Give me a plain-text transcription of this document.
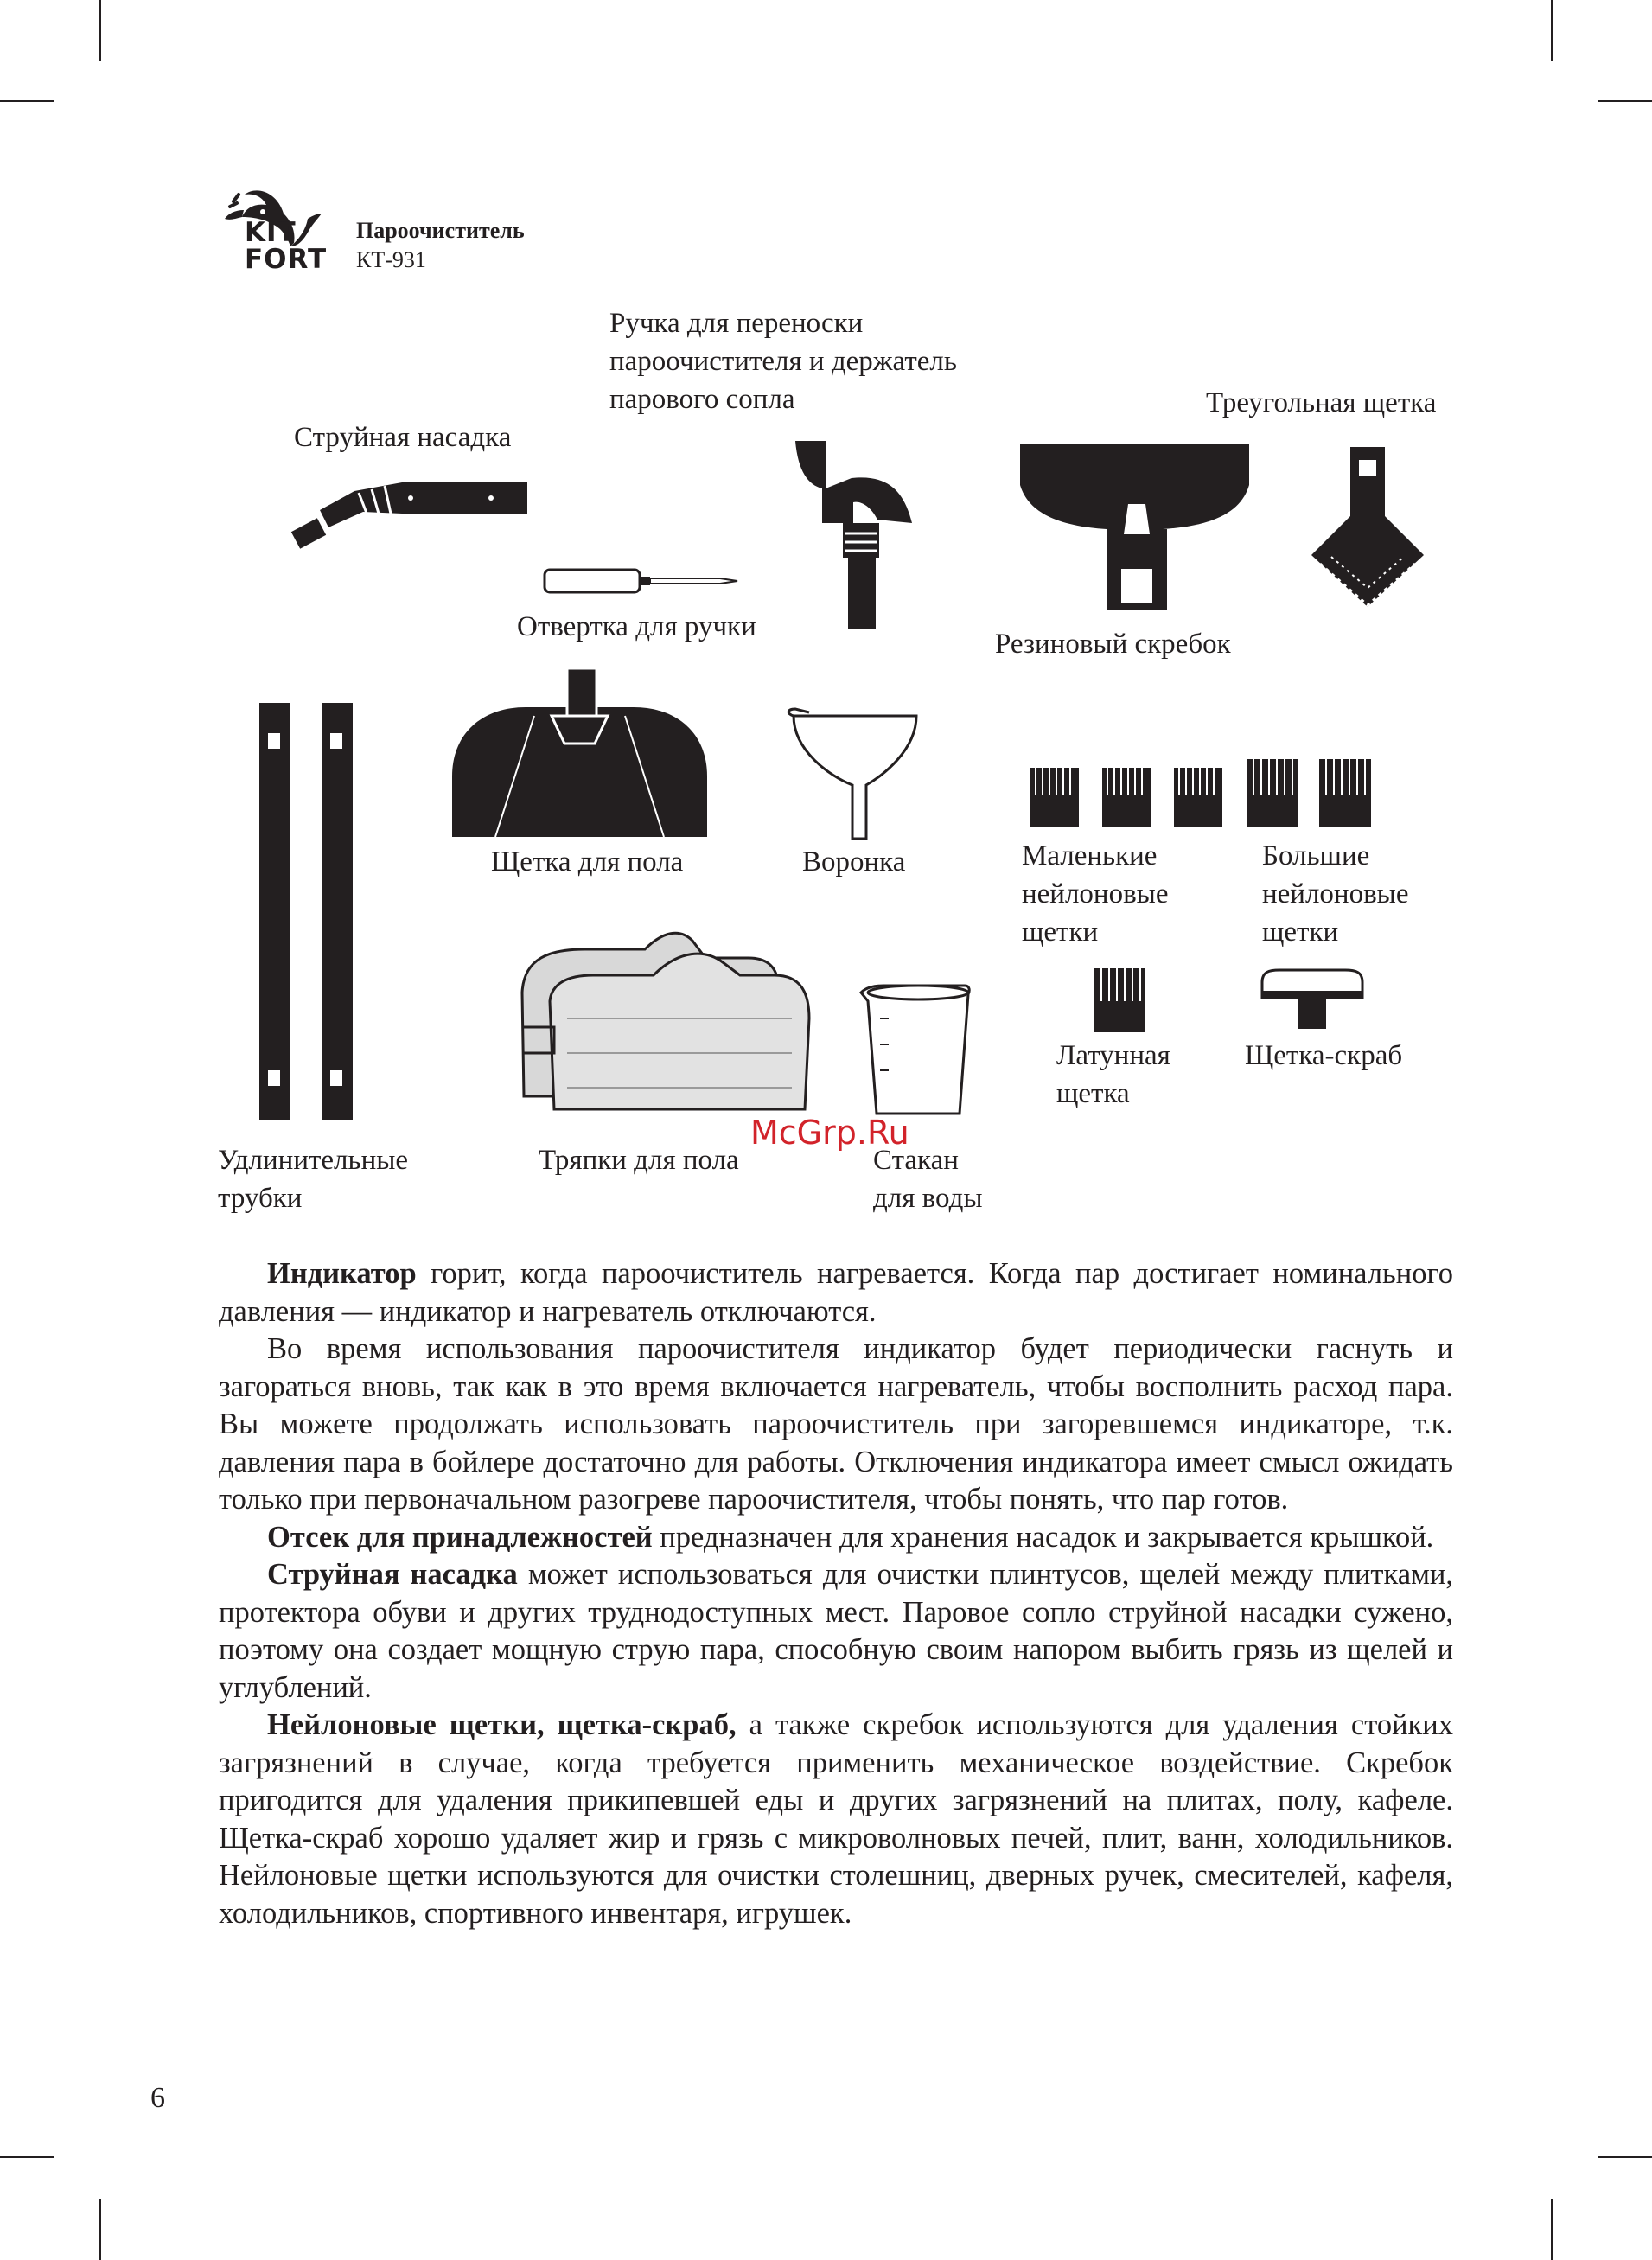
KIT
FORT
Пароочиститель
КТ-931
Ручка для переноски
пароочистителя и держатель
парового сопла
Струйная насадка
Треугольная щетка
Отвертка для ручки
Резиновый скребок
Щетка для пола	Воронка	Маленькие
нейлоновые
щетки
Большие
нейлоновые
щетки
Латунная
щетка
Щетка-скраб
Удлинительные
трубки
Тряпки для пола	Стакан
для воды
McGrp.Ru

Индикатор горит, когда пароочиститель нагревается. Когда пар достигает номинального давления — индикатор и нагреватель отключаются.

Во время использования пароочистителя индикатор будет периодически гаснуть и загораться вновь, так как в это время включается нагреватель, чтобы восполнить расход пара. Вы можете продолжать использовать пароочиститель при загоревшемся индикаторе, т.к. давления пара в бойлере достаточно для работы. Отключения индикатора имеет смысл ожидать только при первоначальном разогреве пароочистителя, чтобы понять, что пар готов.

Отсек для принадлежностей предназначен для хранения насадок и закрывается крышкой.

Струйная насадка может использоваться для очистки плинтусов, щелей между плитками, протектора обуви и других труднодоступных мест. Паровое сопло струйной насадки сужено, поэтому она создает мощную струю пара, способную своим напором выбить грязь из щелей и углублений.

Нейлоновые щетки, щетка-скраб, а также скребок используются для удаления стойких загрязнений в случае, когда требуется применить механическое воздействие. Скребок пригодится для удаления прикипевшей еды и других загрязнений на плитах, полу, кафеле. Щетка-скраб хорошо удаляет жир и грязь с микроволновых печей, плит, ванн, холодильников. Нейлоновые щетки используются для очистки столешниц, дверных ручек, смесителей, кафеля, холодильников, спортивного инвентаря, игрушек.

6
